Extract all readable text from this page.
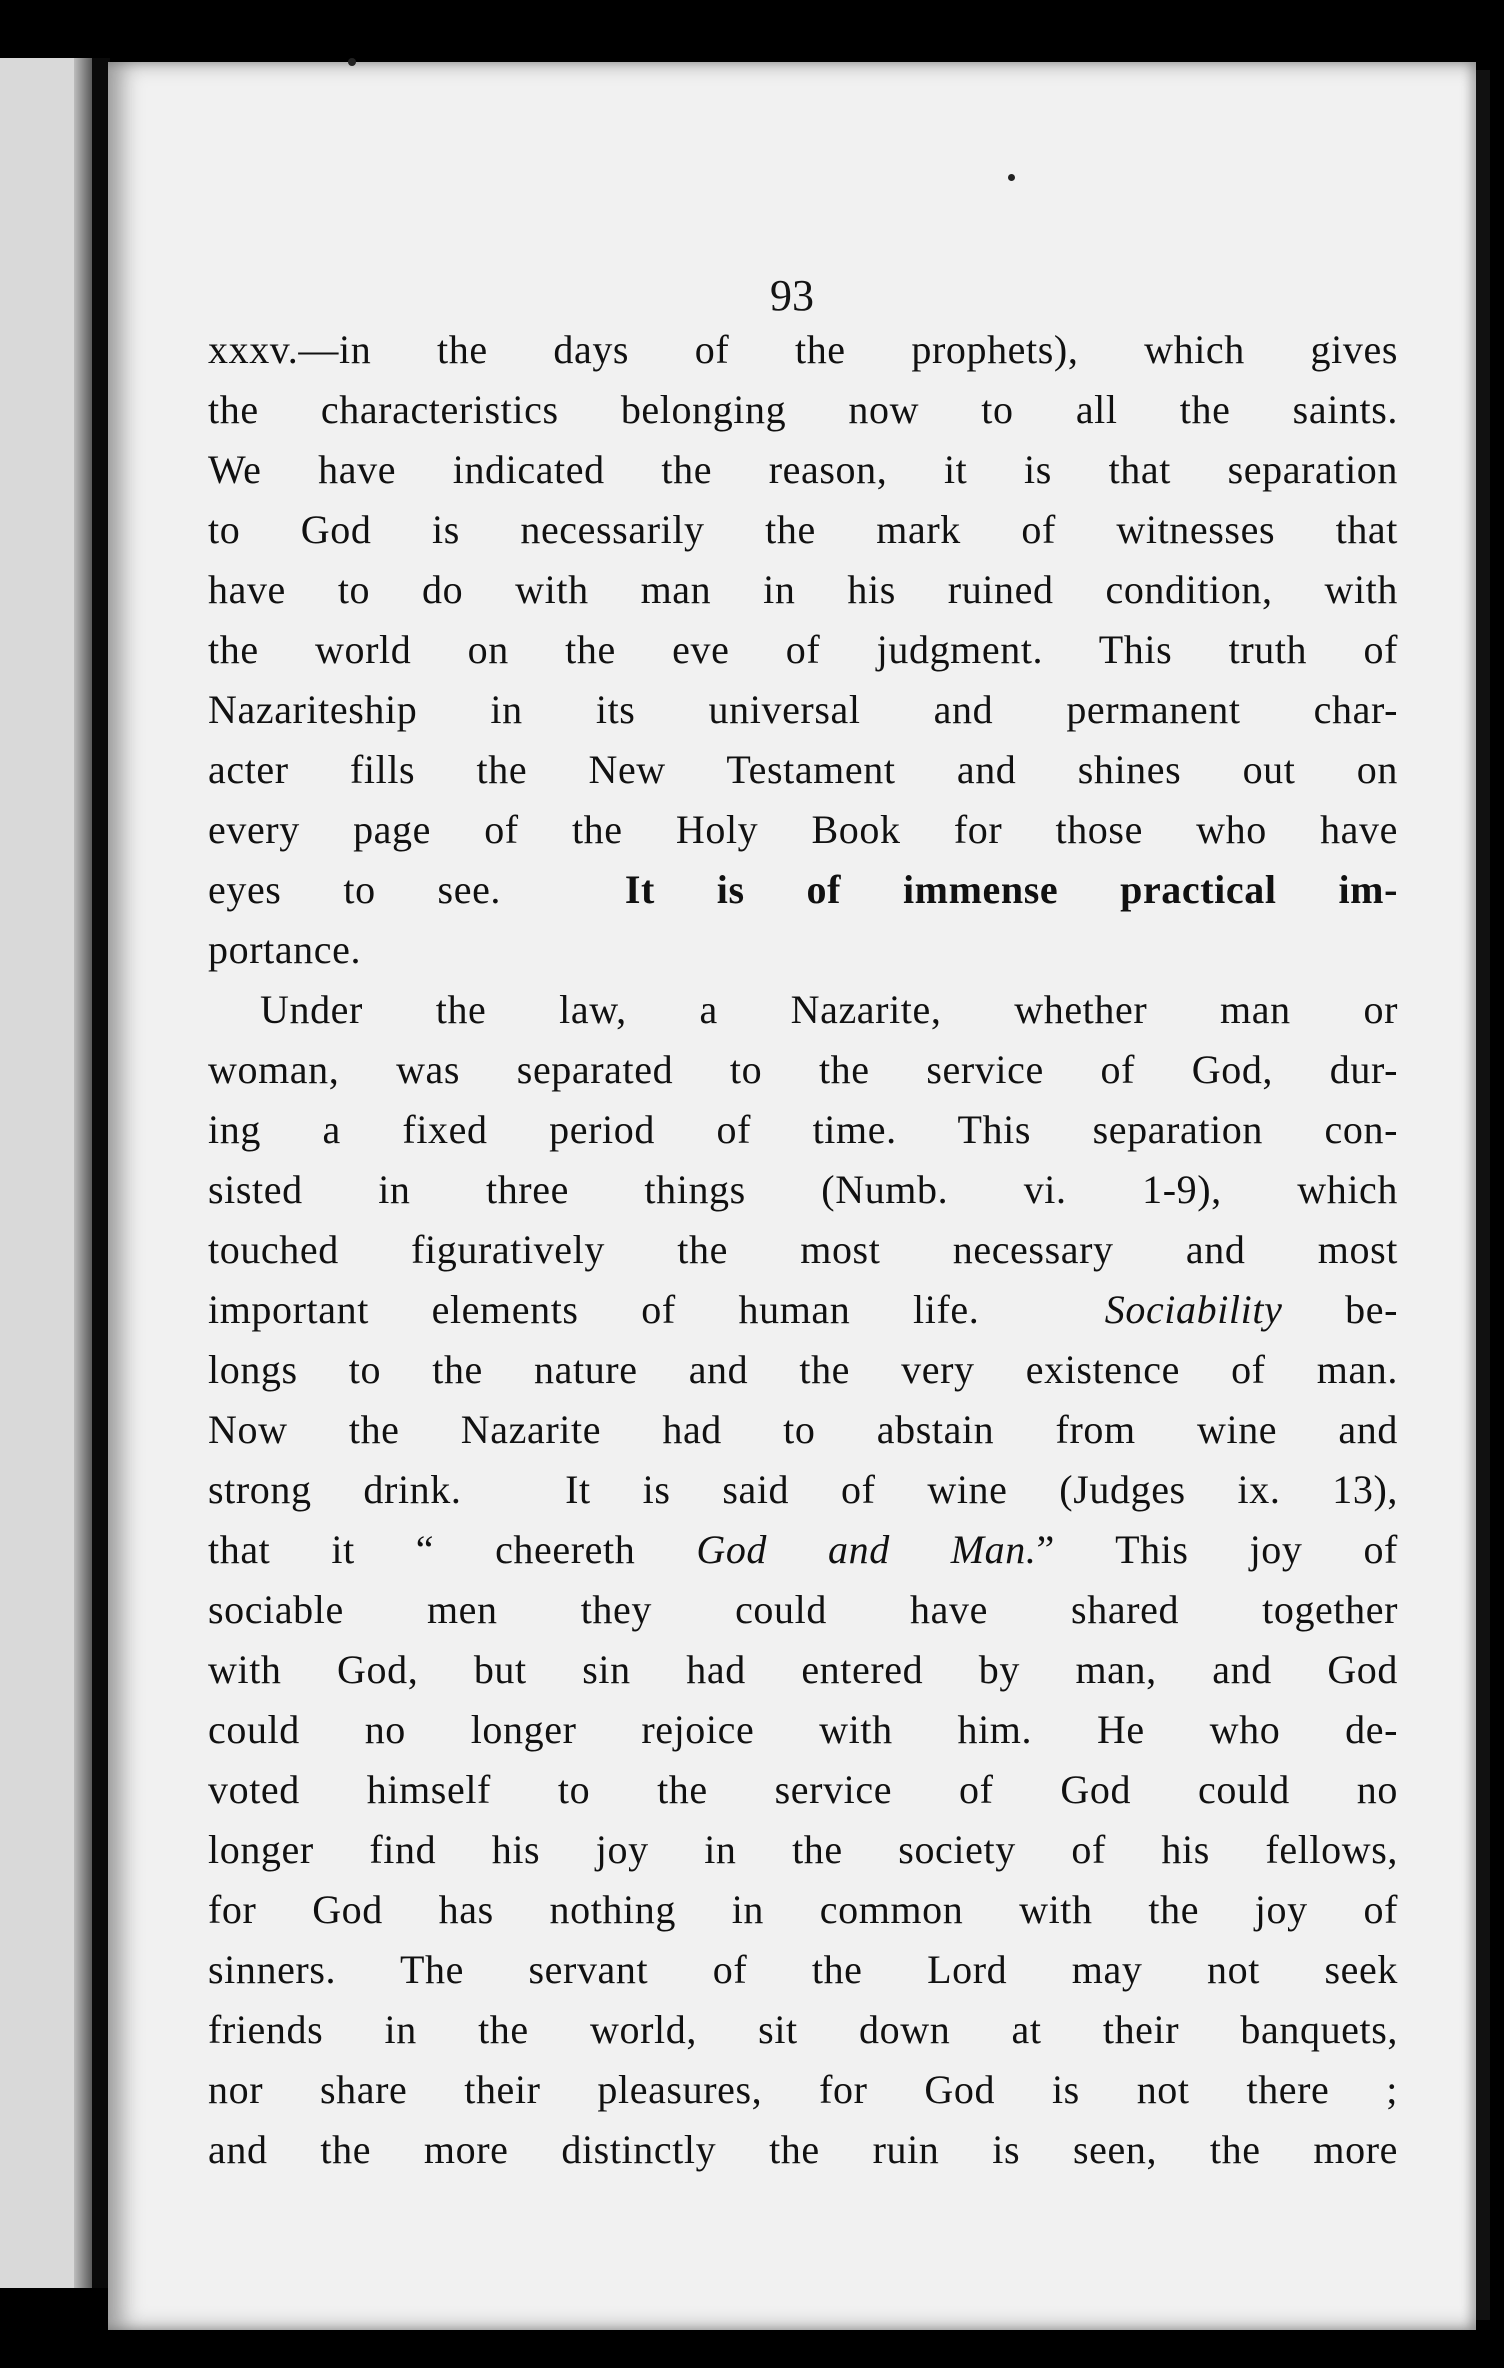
93
xxxv.—in the days of the prophets), which gives
the characteristics belonging now to all the saints.
We have indicated the reason, it is that separation
to God is necessarily the mark of witnesses that
have to do with man in his ruined condition, with
the world on the eve of judgment. This truth of
Nazariteship in its universal and permanent char-
acter fills the New Testament and shines out on
every page of the Holy Book for those who have
eyes to see.	It is of immense practical im-
portance.
Under the law, a Nazarite, whether man or
woman, was separated to the service of God, dur-
ing a fixed period of time. This separation con-
sisted in three things (Numb. vi. 1-9), which
touched figuratively the most necessary and most
important elements of human life.	Sociability be-
longs to the nature and the very existence of man.
Now the Nazarite had to abstain from wine and
strong drink.	It is said of wine (Judges ix. 13),
that it “ cheereth God and Man.” This joy of
sociable men they could have shared together
with God, but sin had entered by man, and God
could no longer rejoice with him. He who de-
voted himself to the service of God could no
longer find his joy in the society of his fellows,
for God has nothing in common with the joy of
sinners. The servant of the Lord may not seek
friends in the world, sit down at their banquets,
nor share their pleasures, for God is not there ;
and the more distinctly the ruin is seen, the more
